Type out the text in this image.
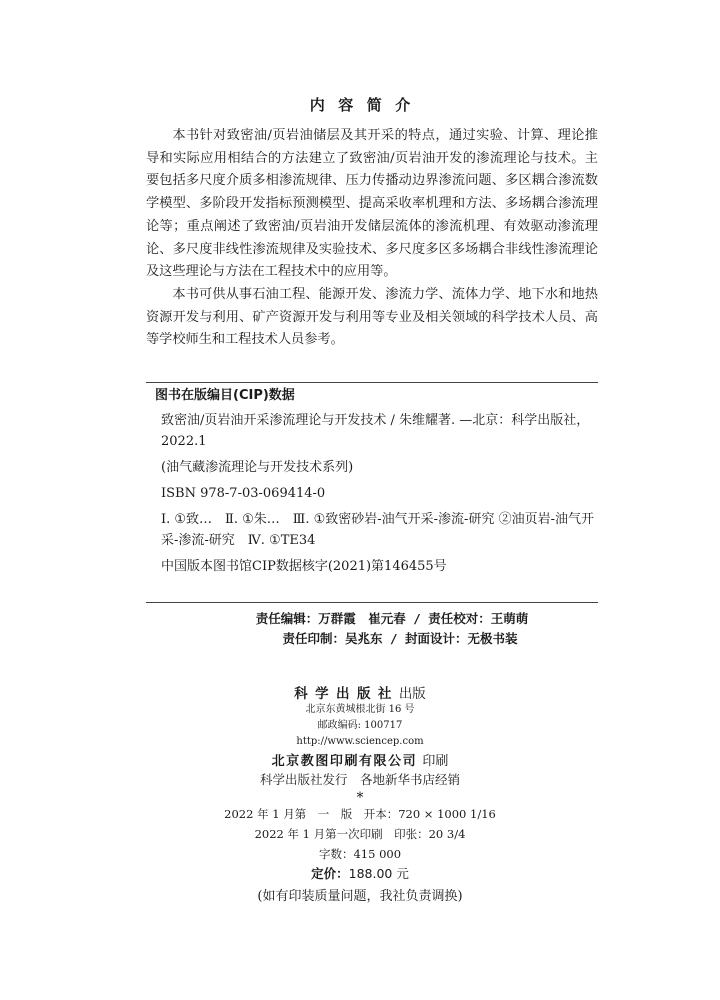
内容简介

本书针对致密油/页岩油储层及其开采的特点，通过实验、计算、理论推导和实际应用相结合的方法建立了致密油/页岩油开发的渗流理论与技术。主要包括多尺度介质多相渗流规律、压力传播动边界渗流问题、多区耦合渗流数学模型、多阶段开发指标预测模型、提高采收率机理和方法、多场耦合渗流理论等；重点阐述了致密油/页岩油开发储层流体的渗流机理、有效驱动渗流理论、多尺度非线性渗流规律及实验技术、多尺度多区多场耦合非线性渗流理论及这些理论与方法在工程技术中的应用等。

本书可供从事石油工程、能源开发、渗流力学、流体力学、地下水和地热资源开发与利用、矿产资源开发与利用等专业及相关领域的科学技术人员、高等学校师生和工程技术人员参考。

图书在版编目(CIP)数据

致密油/页岩油开采渗流理论与开发技术 / 朱维耀著. —北京：科学出版社，2022.1

(油气藏渗流理论与开发技术系列)

ISBN 978-7-03-069414-0

Ⅰ. ①致…　Ⅱ. ①朱…　Ⅲ. ①致密砂岩-油气开采-渗流-研究 ②油页岩-油气开采-渗流-研究　Ⅳ. ①TE34

中国版本图书馆CIP数据核字(2021)第146455号

责任编辑：万群霞　崔元春 / 责任校对：王萌萌
责任印制：吴兆东 / 封面设计：无极书装
科学出版社出版
北京东黄城根北街 16 号
邮政编码: 100717
http://www.sciencep.com
北京教图印刷有限公司 印刷
科学出版社发行　各地新华书店经销
*
2022 年 1 月第　一　版　开本：720 × 1000 1/16
2022 年 1 月第一次印刷　印张：20 3/4
字数：415 000
定价：188.00 元
(如有印装质量问题，我社负责调换)
